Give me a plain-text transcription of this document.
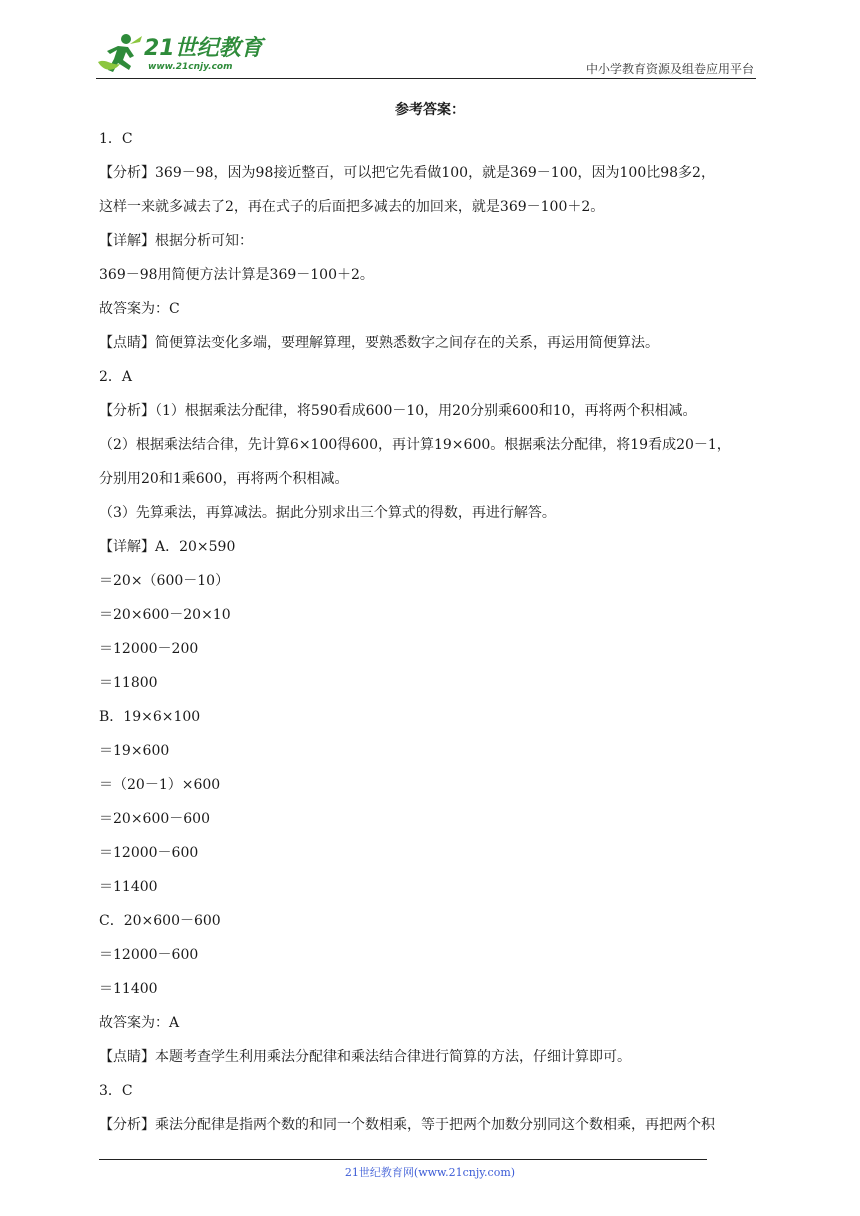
21世纪教育
www.21cnjy.com	中小学教育资源及组卷应用平台
参考答案：
1．C
【分析】369－98，因为98接近整百，可以把它先看做100，就是369－100，因为100比98多2，
这样一来就多减去了2，再在式子的后面把多减去的加回来，就是369－100＋2。
【详解】根据分析可知：
369－98用简便方法计算是369－100＋2。
故答案为：C
【点睛】简便算法变化多端，要理解算理，要熟悉数字之间存在的关系，再运用简便算法。
2．A
【分析】（1）根据乘法分配律，将590看成600－10，用20分别乘600和10，再将两个积相减。
（2）根据乘法结合律，先计算6×100得600，再计算19×600。根据乘法分配律，将19看成20－1，
分别用20和1乘600，再将两个积相减。
（3）先算乘法，再算减法。据此分别求出三个算式的得数，再进行解答。
【详解】A．20×590
＝20×（600－10）
＝20×600－20×10
＝12000－200
＝11800
B．19×6×100
＝19×600
＝（20－1）×600
＝20×600－600
＝12000－600
＝11400
C．20×600－600
＝12000－600
＝11400
故答案为：A
【点睛】本题考查学生利用乘法分配律和乘法结合律进行简算的方法，仔细计算即可。
3．C
【分析】乘法分配律是指两个数的和同一个数相乘，等于把两个加数分别同这个数相乘，再把两个积
21世纪教育网(www.21cnjy.com)
